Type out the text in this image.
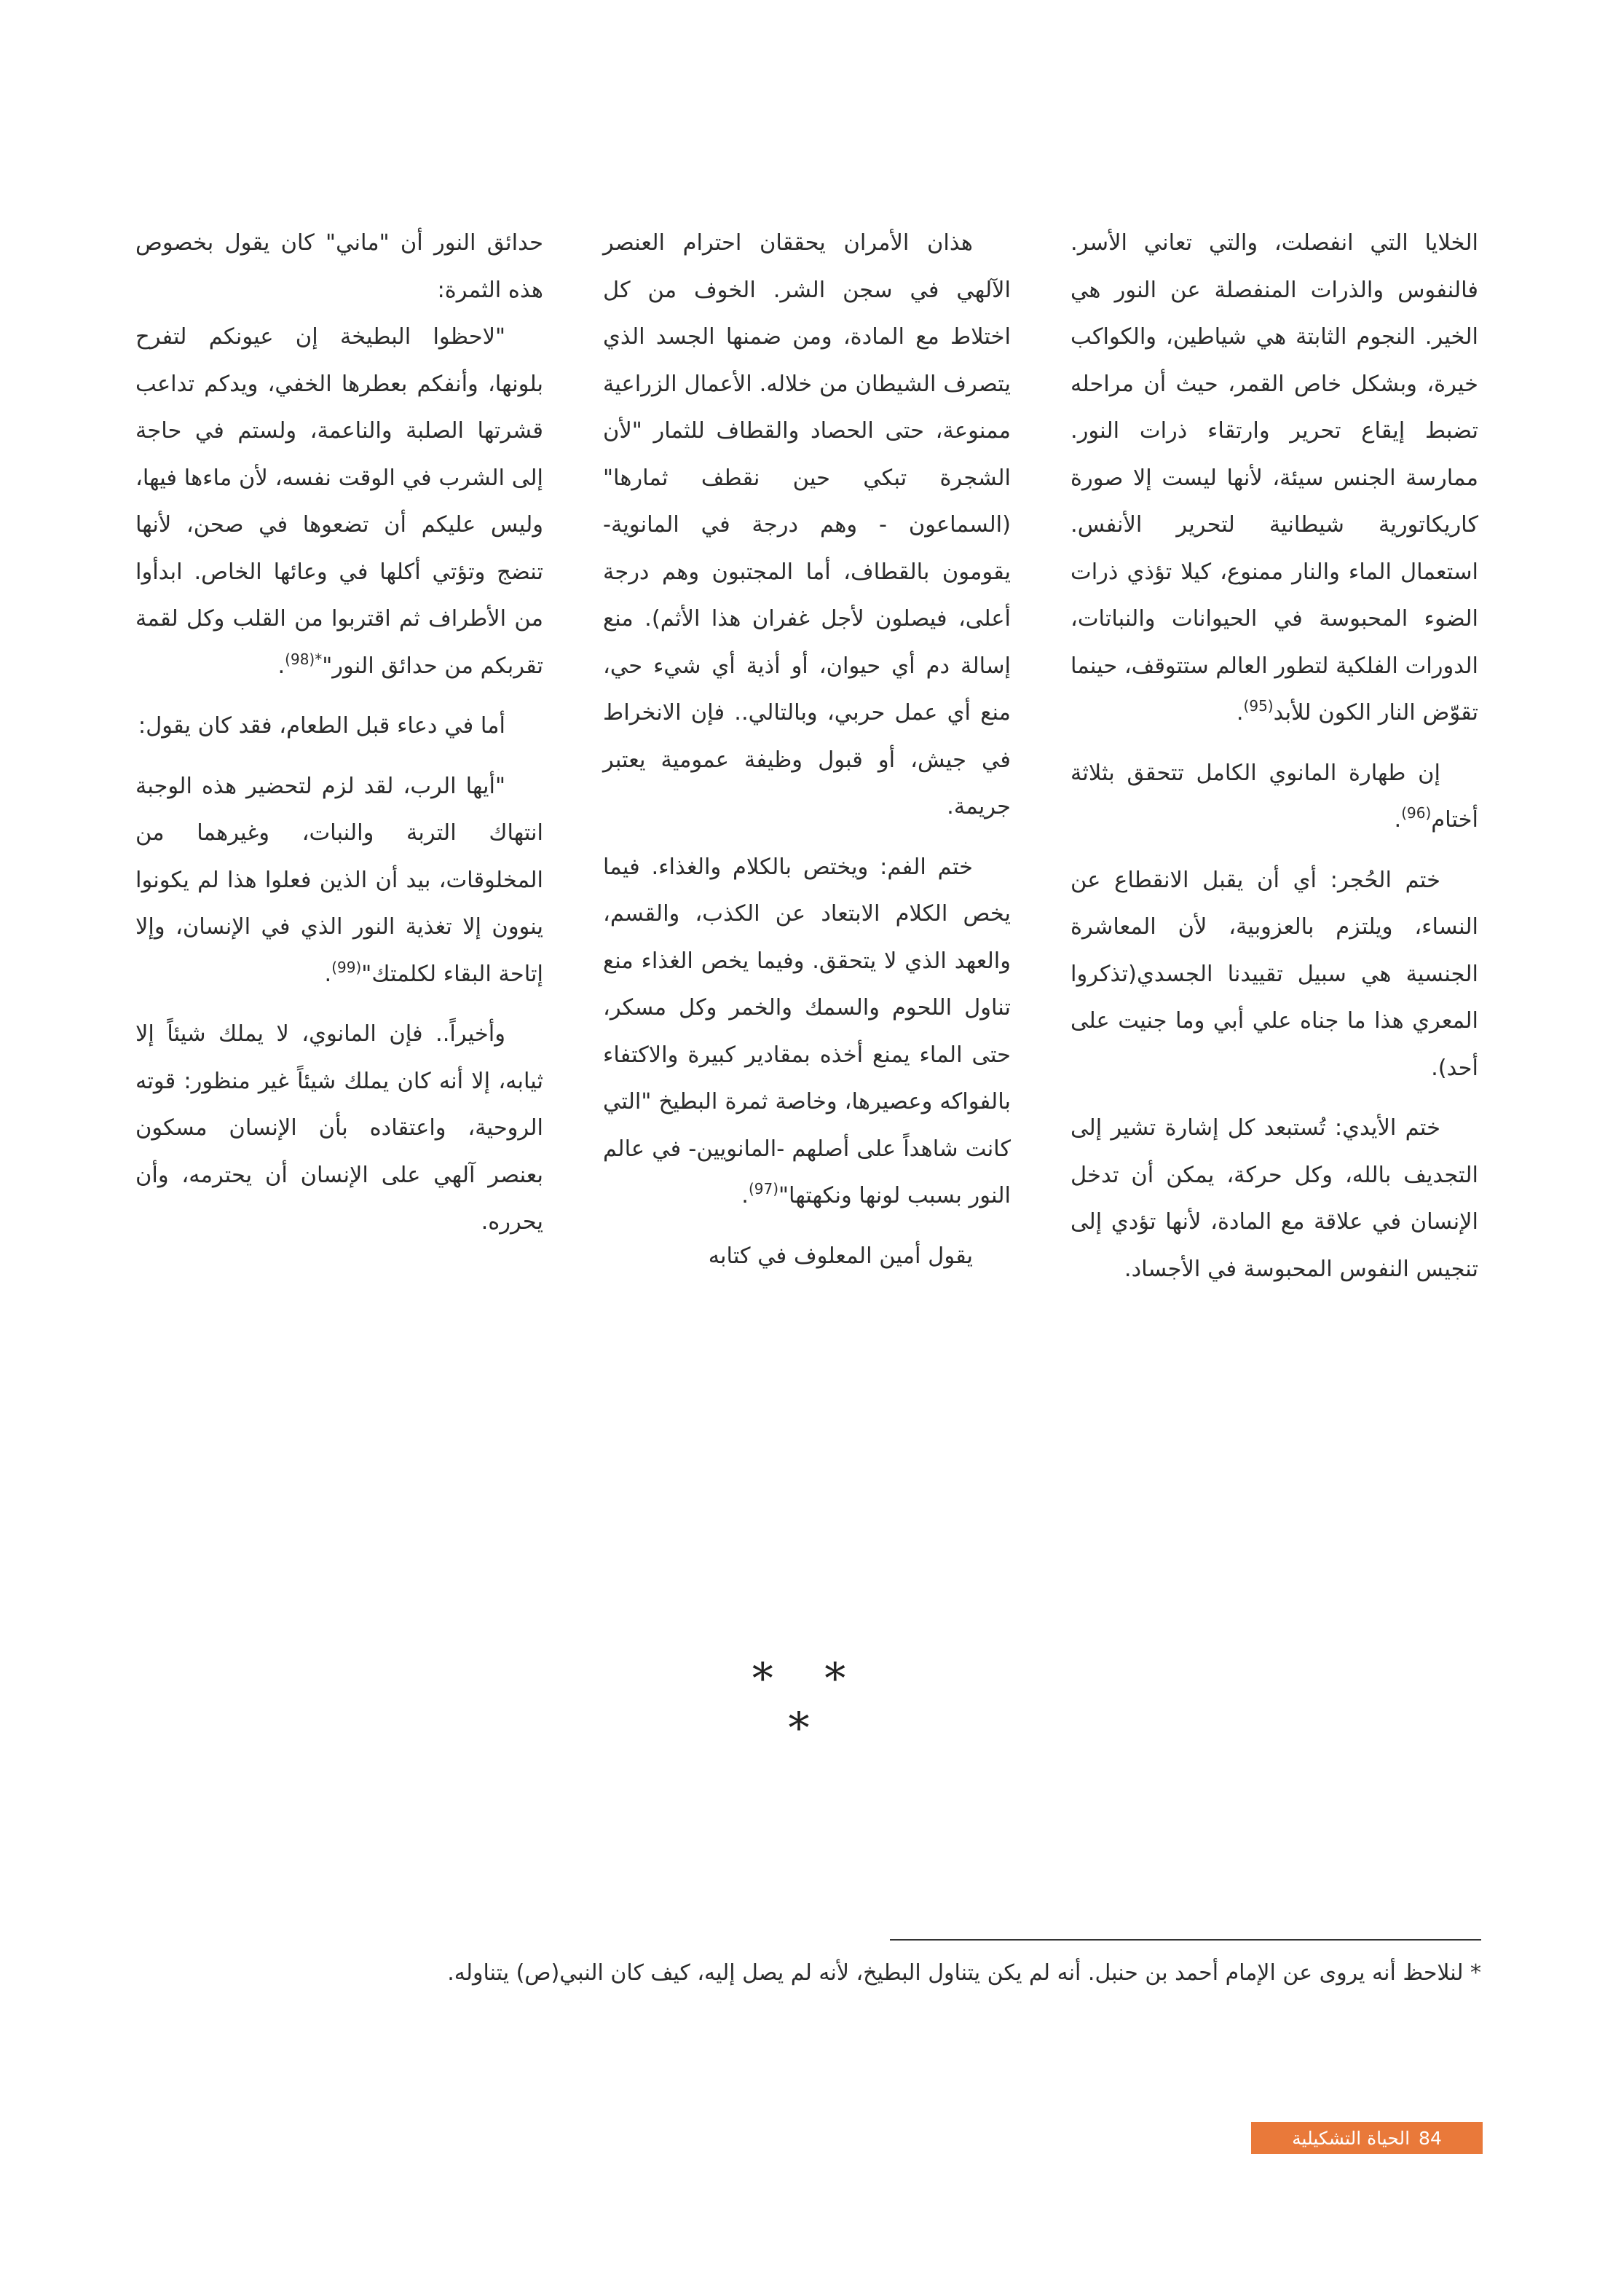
الخلايا التي انفصلت، والتي تعاني الأسر. فالنفوس والذرات المنفصلة عن النور هي الخير. النجوم الثابتة هي شياطين، والكواكب خيرة، وبشكل خاص القمر، حيث أن مراحله تضبط إيقاع تحرير وارتقاء ذرات النور. ممارسة الجنس سيئة، لأنها ليست إلا صورة كاريكاتورية شيطانية لتحرير الأنفس. استعمال الماء والنار ممنوع، كيلا تؤذي ذرات الضوء المحبوسة في الحيوانات والنباتات، الدورات الفلكية لتطور العالم ستتوقف، حينما تقوّض النار الكون للأبد$^{(95)}$.

إن طهارة المانوي الكامل تتحقق بثلاثة أختام$^{(96)}$.

ختم الحُجر: أي أن يقبل الانقطاع عن النساء، ويلتزم بالعزوبية، لأن المعاشرة الجنسية هي سبيل تقييدنا الجسدي(تذكروا المعري هذا ما جناه علي أبي وما جنيت على أحد).

ختم الأيدي: تُستبعد كل إشارة تشير إلى التجديف بالله، وكل حركة، يمكن أن تدخل الإنسان في علاقة مع المادة، لأنها تؤدي إلى تنجيس النفوس المحبوسة في الأجساد.

هذان الأمران يحققان احترام العنصر الآلهي في سجن الشر. الخوف من كل اختلاط مع المادة، ومن ضمنها الجسد الذي يتصرف الشيطان من خلاله. الأعمال الزراعية ممنوعة، حتى الحصاد والقطاف للثمار "لأن الشجرة تبكي حين نقطف ثمارها" (السماعون - وهم درجة في المانوية- يقومون بالقطاف، أما المجتبون وهم درجة أعلى، فيصلون لأجل غفران هذا الأثم). منع إسالة دم أي حيوان، أو أذية أي شيء حي، منع أي عمل حربي، وبالتالي.. فإن الانخراط في جيش، أو قبول وظيفة عمومية يعتبر جريمة.

ختم الفم: ويختص بالكلام والغذاء. فيما يخص الكلام الابتعاد عن الكذب، والقسم، والعهد الذي لا يتحقق. وفيما يخص الغذاء منع تناول اللحوم والسمك والخمر وكل مسكر، حتى الماء يمنع أخذه بمقادير كبيرة والاكتفاء بالفواكه وعصيرها، وخاصة ثمرة البطيخ "التي كانت شاهداً على أصلهم -المانويين- في عالم النور بسبب لونها ونكهتها"$^{(97)}$.

يقول أمين المعلوف في كتابه

حدائق النور أن "ماني" كان يقول بخصوص هذه الثمرة:

"لاحظوا البطيخة إن عيونكم لتفرح بلونها، وأنفكم بعطرها الخفي، ويدكم تداعب قشرتها الصلبة والناعمة، ولستم في حاجة إلى الشرب في الوقت نفسه، لأن ماءها فيها، وليس عليكم أن تضعوها في صحن، لأنها تنضج وتؤتي أكلها في وعائها الخاص. ابدأوا من الأطراف ثم اقتربوا من القلب وكل لقمة تقربكم من حدائق النور"$^{*(98)}$.

أما في دعاء قبل الطعام، فقد كان يقول:

"أيها الرب، لقد لزم لتحضير هذه الوجبة انتهاك التربة والنبات، وغيرهما من المخلوقات، بيد أن الذين فعلوا هذا لم يكونوا ينوون إلا تغذية النور الذي في الإنسان، وإلا إتاحة البقاء لكلمتك"$^{(99)}$.

وأخيراً.. فإن المانوي، لا يملك شيئاً إلا ثيابه، إلا أنه كان يملك شيئاً غير منظور: قوته الروحية، واعتقاده بأن الإنسان مسكون بعنصر آلهي على الإنسان أن يحترمه، وأن يحرره.

* * *
* لنلاحظ أنه يروى عن الإمام أحمد بن حنبل. أنه لم يكن يتناول البطيخ، لأنه لم يصل إليه، كيف كان النبي(ص) يتناوله.
84
الحياة التشكيلية
